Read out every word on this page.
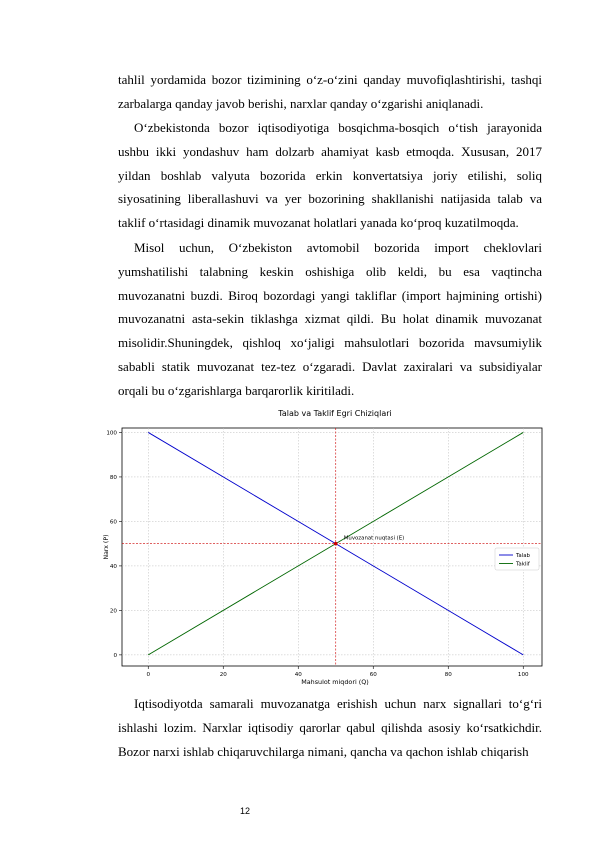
tahlil yordamida bozor tizimining o‘z-o‘zini qanday muvofiqlashtirishi, tashqi zarbalarga qanday javob berishi, narxlar qanday o‘zgarishi aniqlanadi.

O‘zbekistonda bozor iqtisodiyotiga bosqichma-bosqich o‘tish jarayonida ushbu ikki yondashuv ham dolzarb ahamiyat kasb etmoqda. Xususan, 2017 yildan boshlab valyuta bozorida erkin konvertatsiya joriy etilishi, soliq siyosatining liberallashuvi va yer bozorining shakllanishi natijasida talab va taklif o‘rtasidagi dinamik muvozanat holatlari yanada ko‘proq kuzatilmoqda.

Misol uchun, O‘zbekiston avtomobil bozorida import cheklovlari yumshatilishi talabning keskin oshishiga olib keldi, bu esa vaqtincha muvozanatni buzdi. Biroq bozordagi yangi takliflar (import hajmining ortishi) muvozanatni asta-sekin tiklashga xizmat qildi. Bu holat dinamik muvozanat misolidir.Shuningdek, qishloq xo‘jaligi mahsulotlari bozorida mavsumiylik sababli statik muvozanat tez-tez o‘zgaradi. Davlat zaxiralari va subsidiyalar orqali bu o‘zgarishlarga barqarorlik kiritiladi.

0
20
40
60
80
100
0	20	40	60	80	100
Muvozanat nuqtasi (E)
Talab va Taklif Egri Chiziqlari
Mahsulot miqdori (Q)
Narx (P)	Talab
Taklif

Iqtisodiyotda samarali muvozanatga erishish uchun narx signallari to‘g‘ri ishlashi lozim. Narxlar iqtisodiy qarorlar qabul qilishda asosiy ko‘rsatkichdir. Bozor narxi ishlab chiqaruvchilarga nimani, qancha va qachon ishlab chiqarish

12
